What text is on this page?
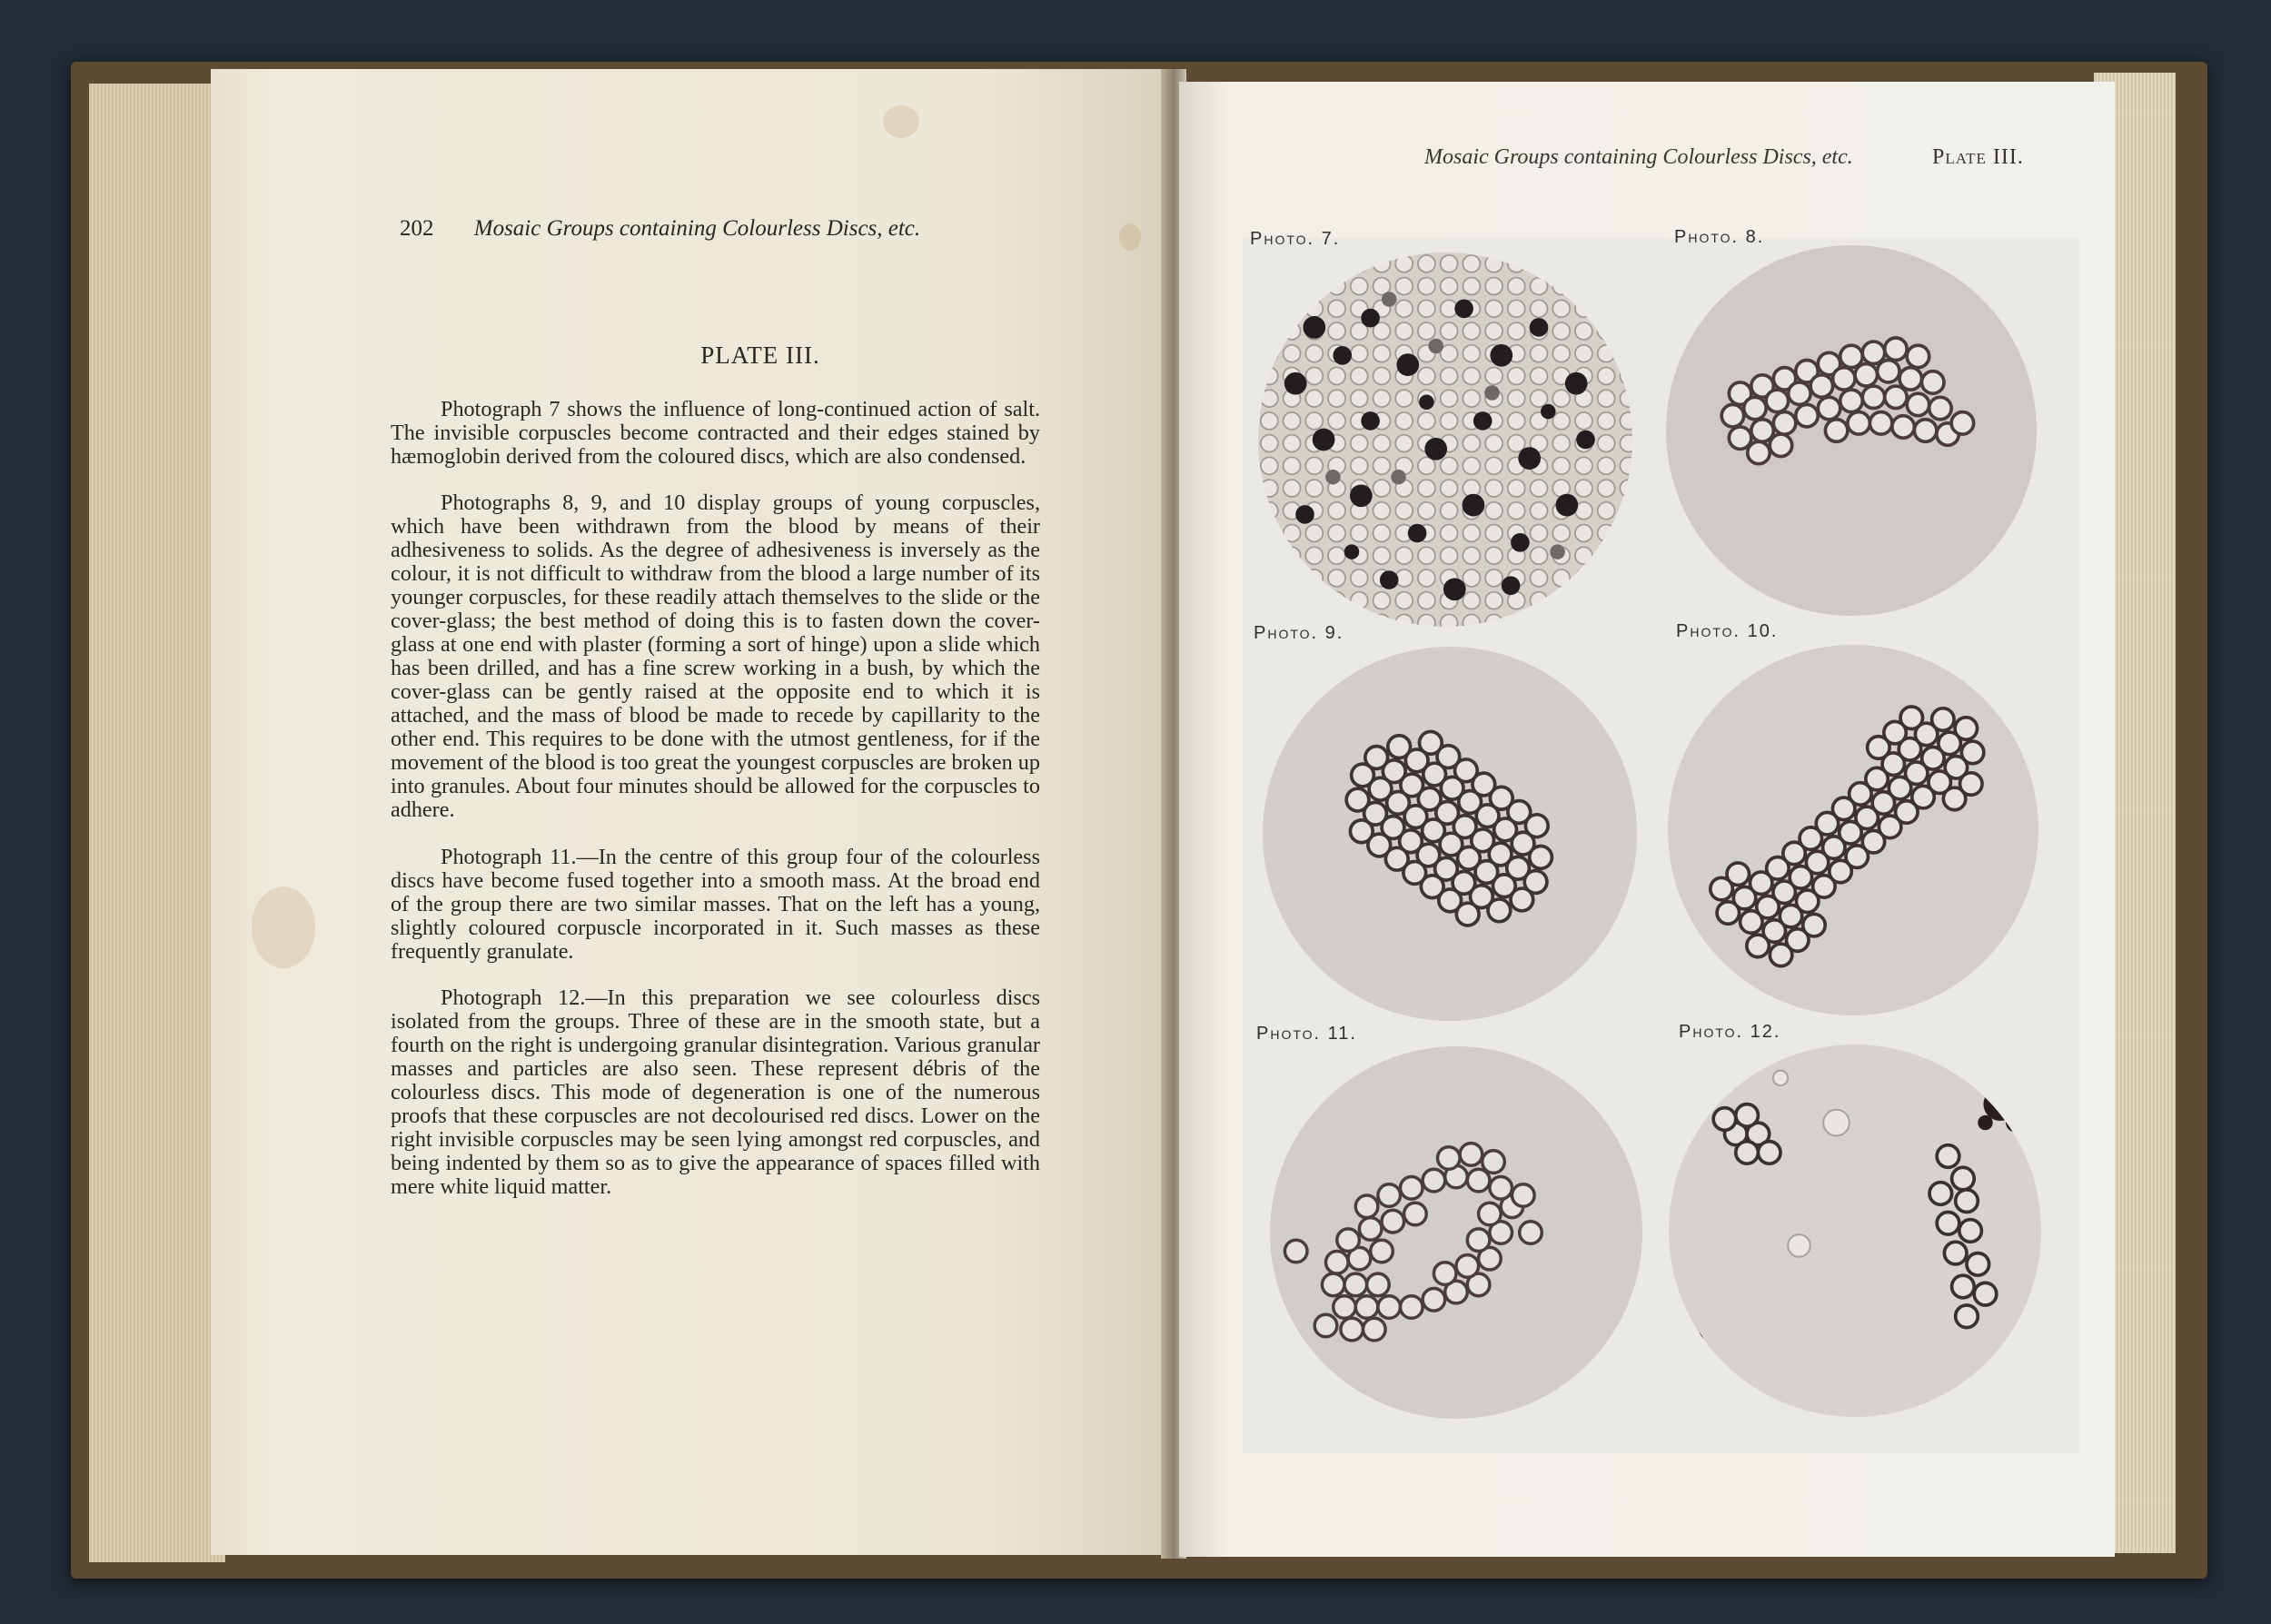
202 Mosaic Groups containing Colourless Discs, etc.
PLATE III.

Photograph 7 shows the influence of long-continued action of salt. The invisible corpuscles become contracted and their edges stained by hæmoglobin derived from the coloured discs, which are also condensed.

Photographs 8, 9, and 10 display groups of young corpuscles, which have been withdrawn from the blood by means of their adhesiveness to solids. As the degree of adhesiveness is inversely as the colour, it is not difficult to withdraw from the blood a large number of its younger corpuscles, for these readily attach themselves to the slide or the cover-glass; the best method of doing this is to fasten down the cover-glass at one end with plaster (forming a sort of hinge) upon a slide which has been drilled, and has a fine screw working in a bush, by which the cover-glass can be gently raised at the opposite end to which it is attached, and the mass of blood be made to recede by capillarity to the other end. This requires to be done with the utmost gentleness, for if the movement of the blood is too great the youngest corpuscles are broken up into granules. About four minutes should be allowed for the corpuscles to adhere.

Photograph 11.—In the centre of this group four of the colourless discs have become fused together into a smooth mass. At the broad end of the group there are two similar masses. That on the left has a young, slightly coloured corpuscle incorporated in it. Such masses as these frequently granulate.

Photograph 12.—In this preparation we see colourless discs isolated from the groups. Three of these are in the smooth state, but a fourth on the right is undergoing granular disintegration. Various granular masses and particles are also seen. These represent débris of the colourless discs. This mode of degeneration is one of the numerous proofs that these corpuscles are not decolourised red discs. Lower on the right invisible corpuscles may be seen lying amongst red corpuscles, and being indented by them so as to give the appearance of spaces filled with mere white liquid matter.

Mosaic Groups containing Colourless Discs, etc.	Plate III.
Photo. 7.	Photo. 8.
Photo. 9.	Photo. 10.
Photo. 11.	Photo. 12.
